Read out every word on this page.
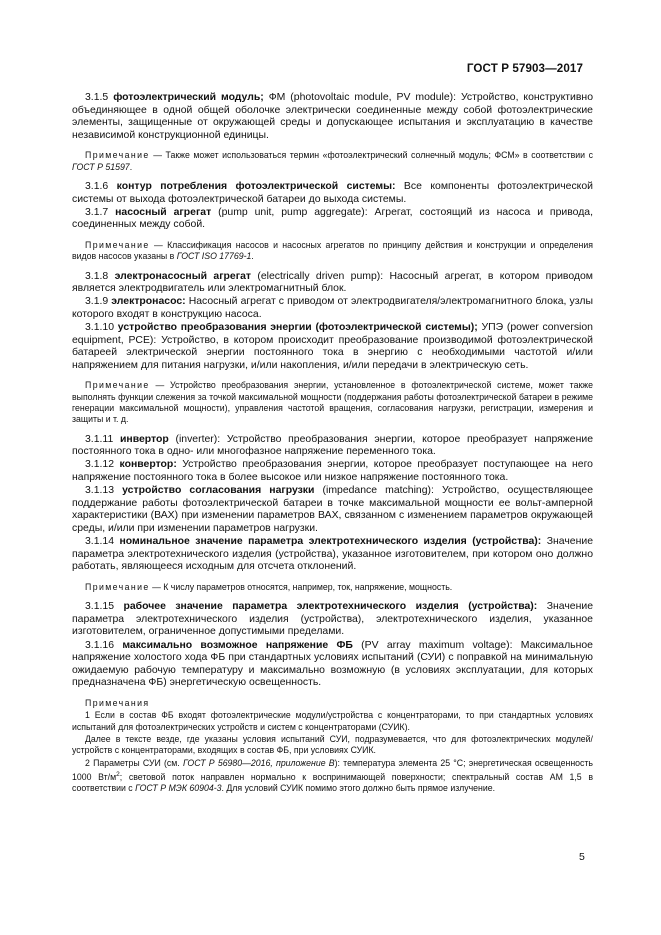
ГОСТ Р 57903—2017

3.1.5 фотоэлектрический модуль; ФМ (photovoltaic module, PV module): Устройство, конструктивно объединяющее в одной общей оболочке электрически соединенные между собой фотоэлектрические элементы, защищенные от окружающей среды и допускающее испытания и эксплуатацию в качестве независимой конструкционной единицы.

Примечание — Также может использоваться термин «фотоэлектрический солнечный модуль; ФСМ» в соответствии с ГОСТ Р 51597.

3.1.6 контур потребления фотоэлектрической системы: Все компоненты фотоэлектрической системы от выхода фотоэлектрической батареи до выхода системы.

3.1.7 насосный агрегат (pump unit, pump aggregate): Агрегат, состоящий из насоса и привода, соединенных между собой.

Примечание — Классификация насосов и насосных агрегатов по принципу действия и конструкции и определения видов насосов указаны в ГОСТ ISO 17769-1.

3.1.8 электронасосный агрегат (electrically driven pump): Насосный агрегат, в котором приводом является электродвигатель или электромагнитный блок.

3.1.9 электронасос: Насосный агрегат с приводом от электродвигателя/электромагнитного блока, узлы которого входят в конструкцию насоса.

3.1.10 устройство преобразования энергии (фотоэлектрической системы); УПЭ (power conversion equipment, PCE): Устройство, в котором происходит преобразование производимой фотоэлектрической батареей электрической энергии постоянного тока в энергию с необходимыми частотой и/или напряжением для питания нагрузки, и/или накопления, и/или передачи в электрическую сеть.

Примечание — Устройство преобразования энергии, установленное в фотоэлектрической системе, может также выполнять функции слежения за точкой максимальной мощности (поддержания работы фотоэлектрической батареи в режиме генерации максимальной мощности), управления частотой вращения, согласования нагрузки, регистрации, измерения и защиты и т. д.

3.1.11 инвертор (inverter): Устройство преобразования энергии, которое преобразует напряжение постоянного тока в одно- или многофазное напряжение переменного тока.

3.1.12 конвертор: Устройство преобразования энергии, которое преобразует поступающее на него напряжение постоянного тока в более высокое или низкое напряжение постоянного тока.

3.1.13 устройство согласования нагрузки (impedance matching): Устройство, осуществляющее поддержание работы фотоэлектрической батареи в точке максимальной мощности ее вольт-амперной характеристики (ВАХ) при изменении параметров ВАХ, связанном с изменением параметров окружающей среды, и/или при изменении параметров нагрузки.

3.1.14 номинальное значение параметра электротехнического изделия (устройства): Значение параметра электротехнического изделия (устройства), указанное изготовителем, при котором оно должно работать, являющееся исходным для отсчета отклонений.

Примечание — К числу параметров относятся, например, ток, напряжение, мощность.

3.1.15 рабочее значение параметра электротехнического изделия (устройства): Значение параметра электротехнического изделия (устройства), электротехнического изделия, указанное изготовителем, ограниченное допустимыми пределами.

3.1.16 максимально возможное напряжение ФБ (PV array maximum voltage): Максимальное напряжение холостого хода ФБ при стандартных условиях испытаний (СУИ) с поправкой на минимальную ожидаемую рабочую температуру и максимально возможную (в условиях эксплуатации, для которых предназначена ФБ) энергетическую освещенность.

Примечания

1 Если в состав ФБ входят фотоэлектрические модули/устройства с концентраторами, то при стандартных условиях испытаний для фотоэлектрических устройств и систем с концентраторами (СУИК).

Далее в тексте везде, где указаны условия испытаний СУИ, подразумевается, что для фотоэлектрических модулей/устройств с концентраторами, входящих в состав ФБ, при условиях СУИК.

2 Параметры СУИ (см. ГОСТ Р 56980—2016, приложение В): температура элемента 25 °С; энергетическая освещенность 1000 $Вт/м^2$; световой поток направлен нормально к воспринимающей поверхности; спектральный состав АМ 1,5 в соответствии с ГОСТ Р МЭК 60904-3. Для условий СУИК помимо этого должно быть прямое излучение.

5
